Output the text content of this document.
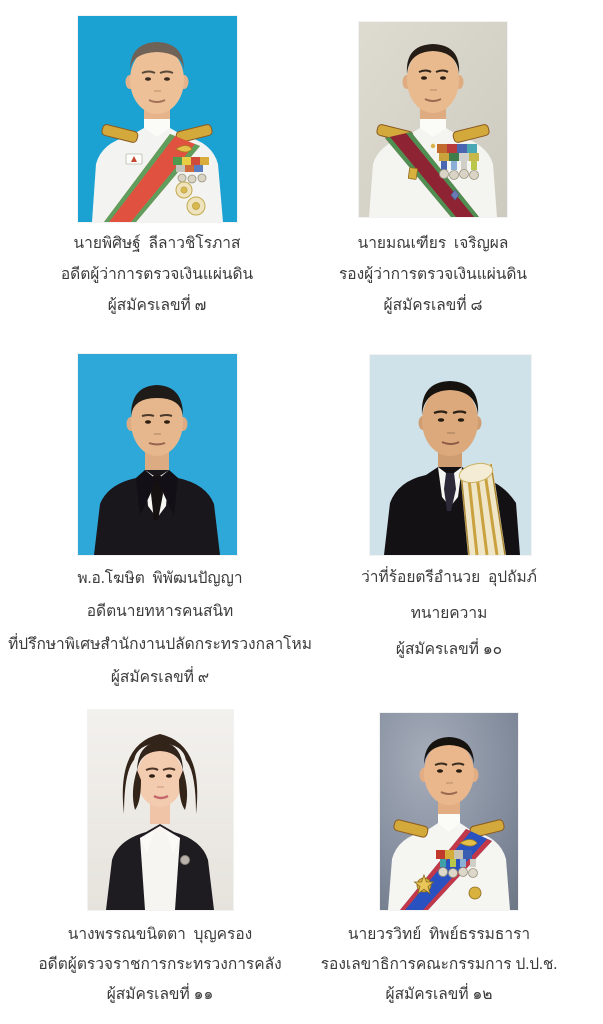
นายพิศิษฐ์  ลีลาวชิโรภาส
อดีตผู้ว่าการตรวจเงินแผ่นดิน
ผู้สมัครเลขที่ ๗
นายมณเฑียร  เจริญผล
รองผู้ว่าการตรวจเงินแผ่นดิน
ผู้สมัครเลขที่ ๘
พ.อ.โฆษิต  พิพัฒนปัญญา
อดีตนายทหารคนสนิท
ที่ปรึกษาพิเศษสำนักงานปลัดกระทรวงกลาโหม
ผู้สมัครเลขที่ ๙
ว่าที่ร้อยตรีอำนวย  อุปถัมภ์
ทนายความ
ผู้สมัครเลขที่ ๑๐
นางพรรณขนิตตา  บุญครอง
อดีตผู้ตรวจราชการกระทรวงการคลัง
ผู้สมัครเลขที่ ๑๑
นายวรวิทย์  ทิพย์ธรรมธารา
รองเลขาธิการคณะกรรมการ ป.ป.ช.
ผู้สมัครเลขที่ ๑๒
